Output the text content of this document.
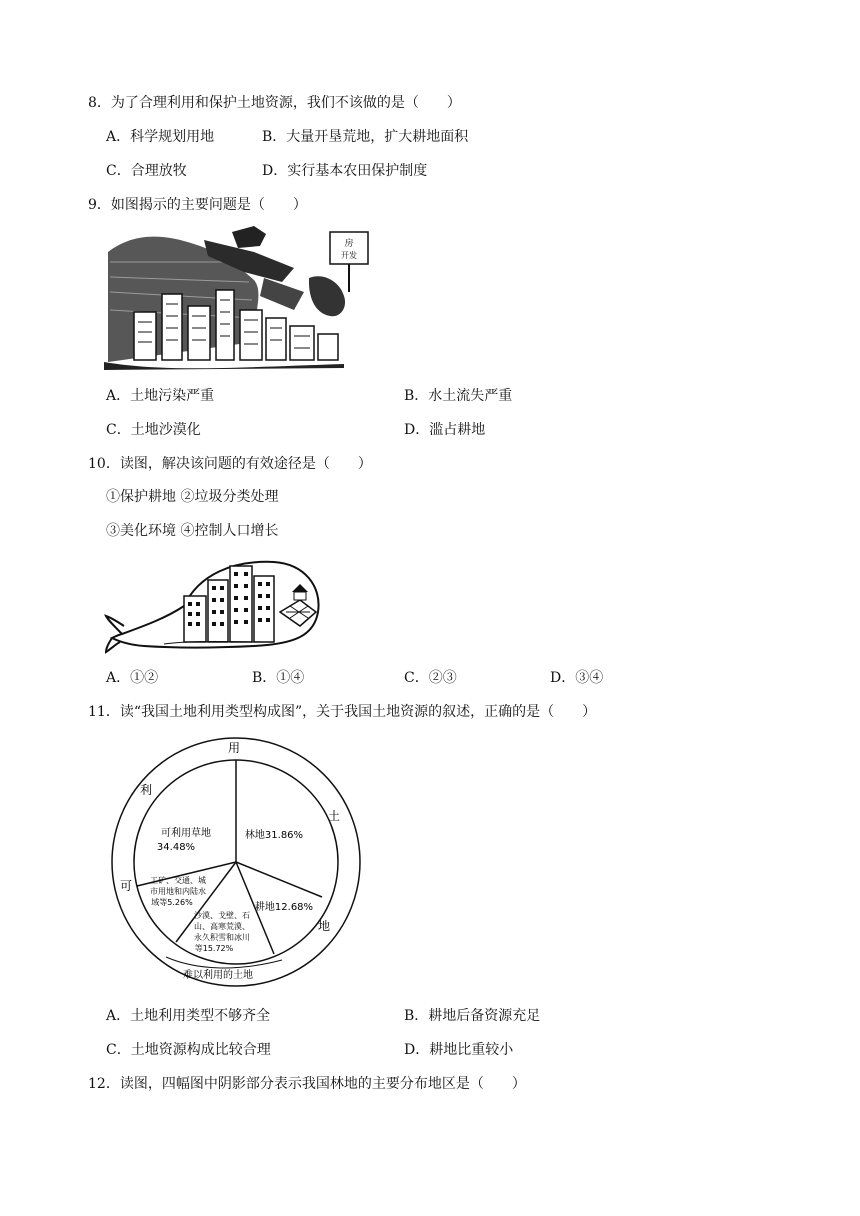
8．为了合理利用和保护土地资源，我们不该做的是（　　）
A．科学规划用地	B．大量开垦荒地，扩大耕地面积
C．合理放牧	D．实行基本农田保护制度
9．如图揭示的主要问题是（　　）
房
开发
A．土地污染严重	B．水土流失严重
C．土地沙漠化	D．滥占耕地
10．读图，解决该问题的有效途径是（　　）
①保护耕地 ②垃圾分类处理
③美化环境 ④控制人口增长
A．①②	B．①④	C．②③	D．③④
11．读“我国土地利用类型构成图”，关于我国土地资源的叙述，正确的是（　　）
用
土
地
利
可
难以利用的土地
林地31.86%
可利用草地
34.48%
耕地12.68%
工矿、交通、城
市用地和内陆水
域等5.26%
沙漠、戈壁、石
山、高寒荒漠、
永久积雪和冰川
等15.72%
A．土地利用类型不够齐全	B．耕地后备资源充足
C．土地资源构成比较合理	D．耕地比重较小
12．读图，四幅图中阴影部分表示我国林地的主要分布地区是（　　）
